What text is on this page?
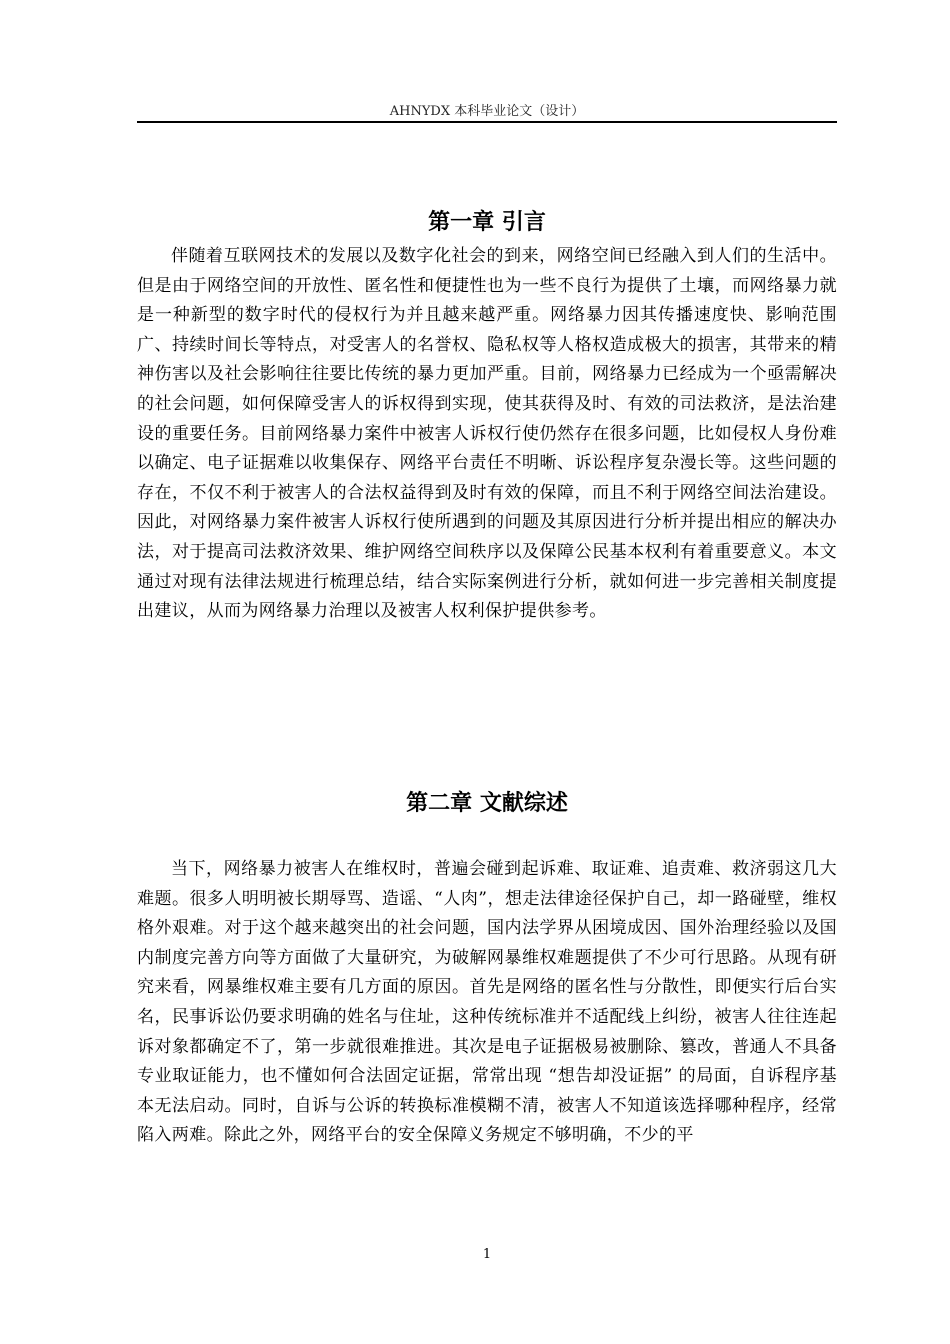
AHNYDX 本科毕业论文（设计）
第一章 引言

伴随着互联网技术的发展以及数字化社会的到来，网络空间已经融入到人们的生活中。但是由于网络空间的开放性、匿名性和便捷性也为一些不良行为提供了土壤，而网络暴力就是一种新型的数字时代的侵权行为并且越来越严重。网络暴力因其传播速度快、影响范围广、持续时间长等特点，对受害人的名誉权、隐私权等人格权造成极大的损害，其带来的精神伤害以及社会影响往往要比传统的暴力更加严重。目前，网络暴力已经成为一个亟需解决的社会问题，如何保障受害人的诉权得到实现，使其获得及时、有效的司法救济，是法治建设的重要任务。目前网络暴力案件中被害人诉权行使仍然存在很多问题，比如侵权人身份难以确定、电子证据难以收集保存、网络平台责任不明晰、诉讼程序复杂漫长等。这些问题的存在，不仅不利于被害人的合法权益得到及时有效的保障，而且不利于网络空间法治建设。因此，对网络暴力案件被害人诉权行使所遇到的问题及其原因进行分析并提出相应的解决办法，对于提高司法救济效果、维护网络空间秩序以及保障公民基本权利有着重要意义。本文通过对现有法律法规进行梳理总结，结合实际案例进行分析，就如何进一步完善相关制度提出建议，从而为网络暴力治理以及被害人权利保护提供参考。

第二章 文献综述

当下，网络暴力被害人在维权时，普遍会碰到起诉难、取证难、追责难、救济弱这几大难题。很多人明明被长期辱骂、造谣、“人肉”，想走法律途径保护自己，却一路碰壁，维权格外艰难。对于这个越来越突出的社会问题，国内法学界从困境成因、国外治理经验以及国内制度完善方向等方面做了大量研究，为破解网暴维权难题提供了不少可行思路。从现有研究来看，网暴维权难主要有几方面的原因。首先是网络的匿名性与分散性，即便实行后台实名，民事诉讼仍要求明确的姓名与住址，这种传统标准并不适配线上纠纷，被害人往往连起诉对象都确定不了，第一步就很难推进。其次是电子证据极易被删除、篡改，普通人不具备专业取证能力，也不懂如何合法固定证据，常常出现 “想告却没证据” 的局面，自诉程序基本无法启动。同时，自诉与公诉的转换标准模糊不清，被害人不知道该选择哪种程序，经常陷入两难。除此之外，网络平台的安全保障义务规定不够明确，不少的平

1
